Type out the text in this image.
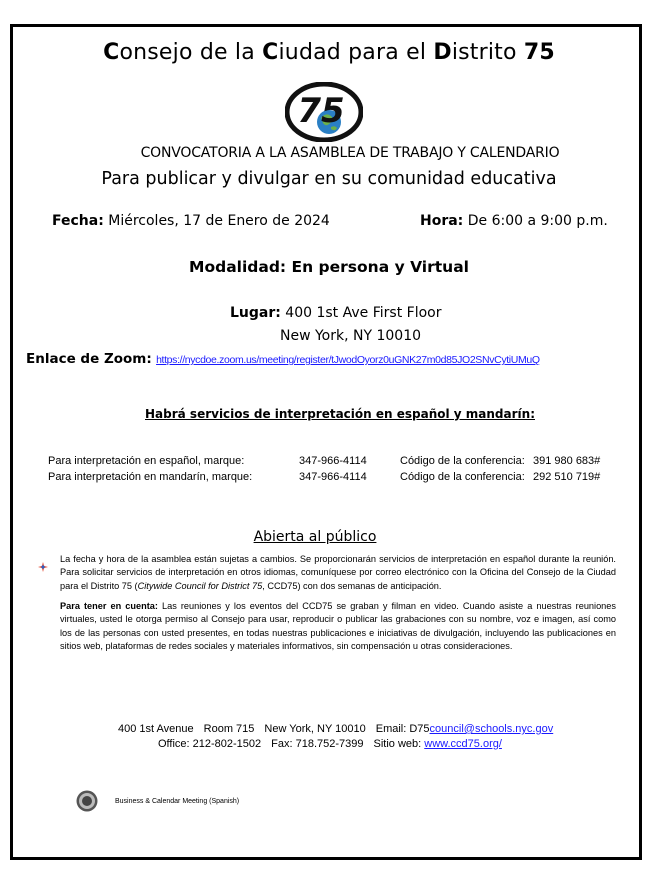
Consejo de la Ciudad para el Distrito 75
75
CONVOCATORIA A LA ASAMBLEA DE TRABAJO Y CALENDARIO
Para publicar y divulgar en su comunidad educativa
Fecha: Miércoles, 17 de Enero de 2024	Hora: De 6:00 a 9:00 p.m.
Modalidad: En persona y Virtual
Lugar: 400 1st Ave First Floor
New York, NY 10010
Enlace de Zoom: https://nycdoe.zoom.us/meeting/register/tJwodOyorz0uGNK27m0d85JO2SNvCytiUMuQ
Habrá servicios de interpretación en español y mandarín:
Para interpretación en español, marque:	347-966-4114	Código de la conferencia: 391 980 683#
Para interpretación en mandarín, marque:	347-966-4114	Código de la conferencia: 292 510 719#
Abierta al público
La fecha y hora de la asamblea están sujetas a cambios. Se proporcionarán servicios de interpretación en español durante la reunión. Para solicitar servicios de interpretación en otros idiomas, comuníquese por correo electrónico con la Oficina del Consejo de la Ciudad para el Distrito 75 (Citywide Council for District 75, CCD75) con dos semanas de anticipación.
Para tener en cuenta: Las reuniones y los eventos del CCD75 se graban y filman en video. Cuando asiste a nuestras reuniones virtuales, usted le otorga permiso al Consejo para usar, reproducir o publicar las grabaciones con su nombre, voz e imagen, así como los de las personas con usted presentes, en todas nuestras publicaciones e iniciativas de divulgación, incluyendo las publicaciones en sitios web, plataformas de redes sociales y materiales informativos, sin compensación u otras consideraciones.
400 1st Avenue Room 715 New York, NY 10010 Email: D75council@schools.nyc.gov
Office: 212-802-1502 Fax: 718.752-7399 Sitio web: www.ccd75.org/
Business & Calendar Meeting (Spanish)
